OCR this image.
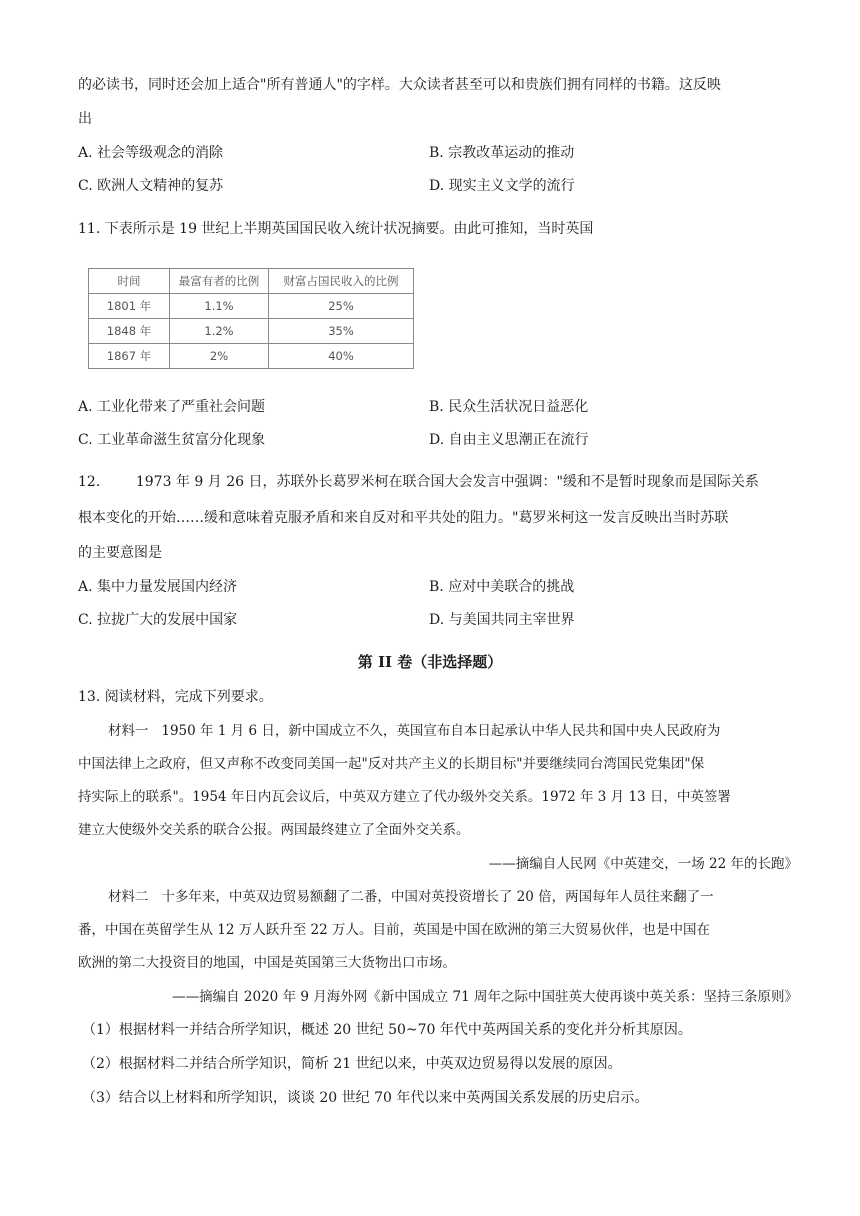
的必读书，同时还会加上适合"所有普通人"的字样。大众读者甚至可以和贵族们拥有同样的书籍。这反映
出
A. 社会等级观念的消除	B. 宗教改革运动的推动
C. 欧洲人文精神的复苏	D. 现实主义文学的流行
11. 下表所示是 19 世纪上半期英国国民收入统计状况摘要。由此可推知，当时英国
时间	最富有者的比例	财富占国民收入的比例
1801 年	1.1%	25%
1848 年	1.2%	35%
1867 年	2%	40%
A. 工业化带来了严重社会问题	B. 民众生活状况日益恶化
C. 工业革命滋生贫富分化现象	D. 自由主义思潮正在流行
12.        1973 年 9 月 26 日，苏联外长葛罗米柯在联合国大会发言中强调："缓和不是暂时现象而是国际关系
根本变化的开始……缓和意味着克服矛盾和来自反对和平共处的阻力。"葛罗米柯这一发言反映出当时苏联
的主要意图是
A. 集中力量发展国内经济	B. 应对中美联合的挑战
C. 拉拢广大的发展中国家	D. 与美国共同主宰世界
第 II 卷（非选择题）
13. 阅读材料，完成下列要求。
材料一   1950 年 1 月 6 日，新中国成立不久，英国宣布自本日起承认中华人民共和国中央人民政府为
中国法律上之政府，但又声称不改变同美国一起"反对共产主义的长期目标"并要继续同台湾国民党集团"保
持实际上的联系"。1954 年日内瓦会议后，中英双方建立了代办级外交关系。1972 年 3 月 13 日，中英签署
建立大使级外交关系的联合公报。两国最终建立了全面外交关系。
——摘编自人民网《中英建交，一场 22 年的长跑》
材料二   十多年来，中英双边贸易额翻了二番，中国对英投资增长了 20 倍，两国每年人员往来翻了一
番，中国在英留学生从 12 万人跃升至 22 万人。目前，英国是中国在欧洲的第三大贸易伙伴，也是中国在
欧洲的第二大投资目的地国，中国是英国第三大货物出口市场。
——摘编自 2020 年 9 月海外网《新中国成立 71 周年之际中国驻英大使再谈中英关系：坚持三条原则》
（1）根据材料一并结合所学知识，概述 20 世纪 50~70 年代中英两国关系的变化并分析其原因。
（2）根据材料二并结合所学知识，简析 21 世纪以来，中英双边贸易得以发展的原因。
（3）结合以上材料和所学知识，谈谈 20 世纪 70 年代以来中英两国关系发展的历史启示。
